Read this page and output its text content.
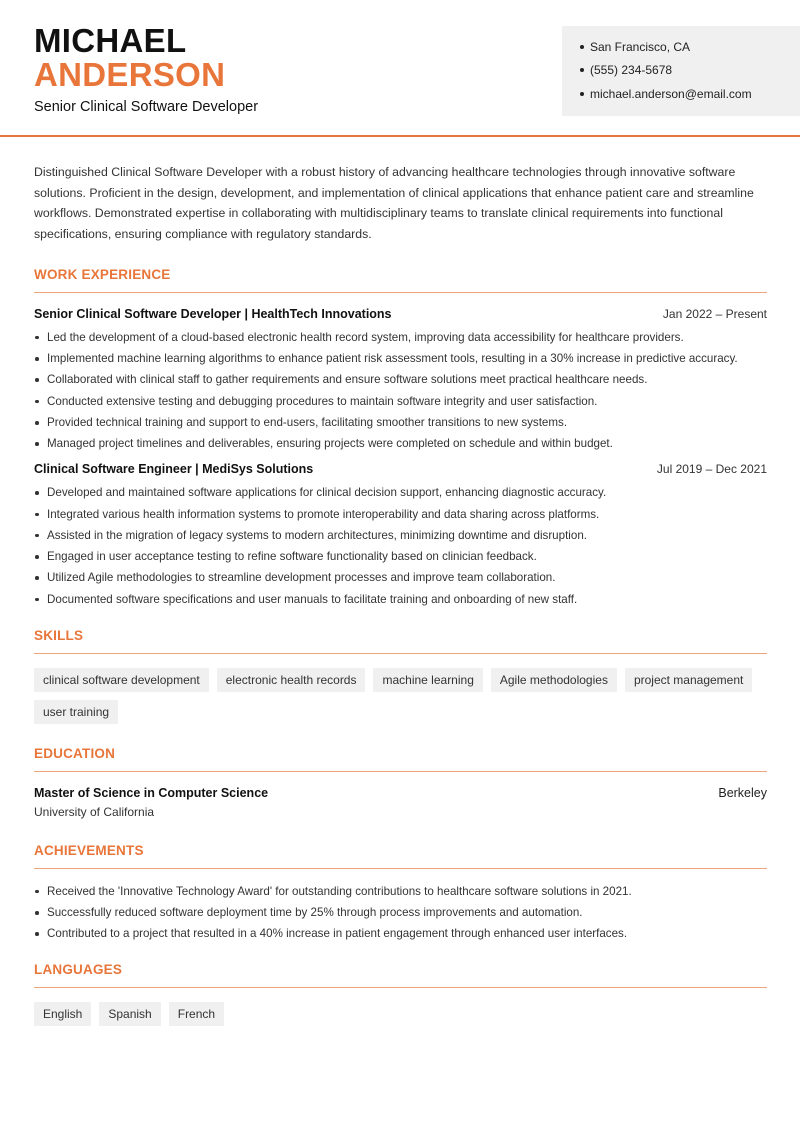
MICHAEL
ANDERSON
Senior Clinical Software Developer
San Francisco, CA
(555) 234-5678
michael.anderson@email.com

Distinguished Clinical Software Developer with a robust history of advancing healthcare technologies through innovative software solutions. Proficient in the design, development, and implementation of clinical applications that enhance patient care and streamline workflows. Demonstrated expertise in collaborating with multidisciplinary teams to translate clinical requirements into functional specifications, ensuring compliance with regulatory standards.

WORK EXPERIENCE
Senior Clinical Software Developer | HealthTech Innovations	Jan 2022 – Present
Led the development of a cloud-based electronic health record system, improving data accessibility for healthcare providers.
Implemented machine learning algorithms to enhance patient risk assessment tools, resulting in a 30% increase in predictive accuracy.
Collaborated with clinical staff to gather requirements and ensure software solutions meet practical healthcare needs.
Conducted extensive testing and debugging procedures to maintain software integrity and user satisfaction.
Provided technical training and support to end-users, facilitating smoother transitions to new systems.
Managed project timelines and deliverables, ensuring projects were completed on schedule and within budget.
Clinical Software Engineer | MediSys Solutions	Jul 2019 – Dec 2021
Developed and maintained software applications for clinical decision support, enhancing diagnostic accuracy.
Integrated various health information systems to promote interoperability and data sharing across platforms.
Assisted in the migration of legacy systems to modern architectures, minimizing downtime and disruption.
Engaged in user acceptance testing to refine software functionality based on clinician feedback.
Utilized Agile methodologies to streamline development processes and improve team collaboration.
Documented software specifications and user manuals to facilitate training and onboarding of new staff.
SKILLS
clinical software development	electronic health records	machine learning	Agile methodologies	project management
user training
EDUCATION
Master of Science in Computer Science	Berkeley
University of California
ACHIEVEMENTS
Received the 'Innovative Technology Award' for outstanding contributions to healthcare software solutions in 2021.
Successfully reduced software deployment time by 25% through process improvements and automation.
Contributed to a project that resulted in a 40% increase in patient engagement through enhanced user interfaces.
LANGUAGES
English	Spanish	French
